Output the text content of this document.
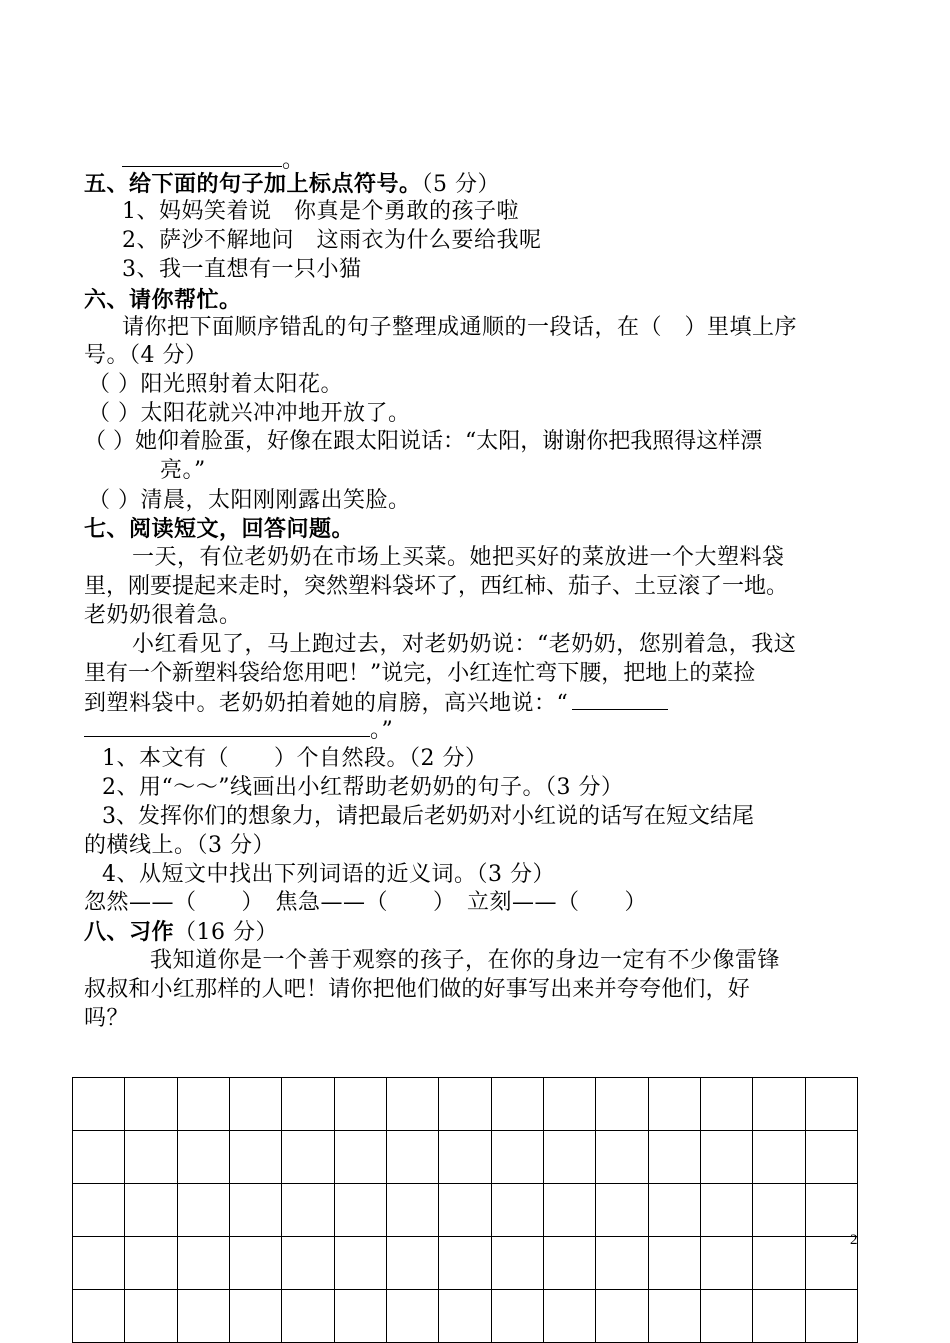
。
五、给下面的句子加上标点符号。（5 分）
1、妈妈笑着说　你真是个勇敢的孩子啦
2、萨沙不解地问　这雨衣为什么要给我呢
3、我一直想有一只小猫
六、请你帮忙。
请你把下面顺序错乱的句子整理成通顺的一段话，在（　）里填上序
号。（4 分）
（ ）阳光照射着太阳花。
（ ）太阳花就兴冲冲地开放了。
（ ）她仰着脸蛋，好像在跟太阳说话：“太阳，谢谢你把我照得这样漂
亮。”
（ ）清晨，太阳刚刚露出笑脸。
七、阅读短文，回答问题。
一天，有位老奶奶在市场上买菜。她把买好的菜放进一个大塑料袋
里，刚要提起来走时，突然塑料袋坏了，西红柿、茄子、土豆滚了一地。
老奶奶很着急。
小红看见了，马上跑过去，对老奶奶说：“老奶奶，您别着急，我这
里有一个新塑料袋给您用吧！”说完，小红连忙弯下腰，把地上的菜捡
到塑料袋中。老奶奶拍着她的肩膀，高兴地说：“
。”
1、本文有（　　）个自然段。（2 分）
2、用“～～”线画出小红帮助老奶奶的句子。（3 分）
3、发挥你们的想象力，请把最后老奶奶对小红说的话写在短文结尾
的横线上。（3 分）
4、从短文中找出下列词语的近义词。（3 分）
忽然——（　　）　焦急——（　　）　立刻——（　　）
八、习作（16 分）
我知道你是一个善于观察的孩子，在你的身边一定有不少像雷锋
叔叔和小红那样的人吧！请你把他们做的好事写出来并夸夸他们，好
吗？
2
